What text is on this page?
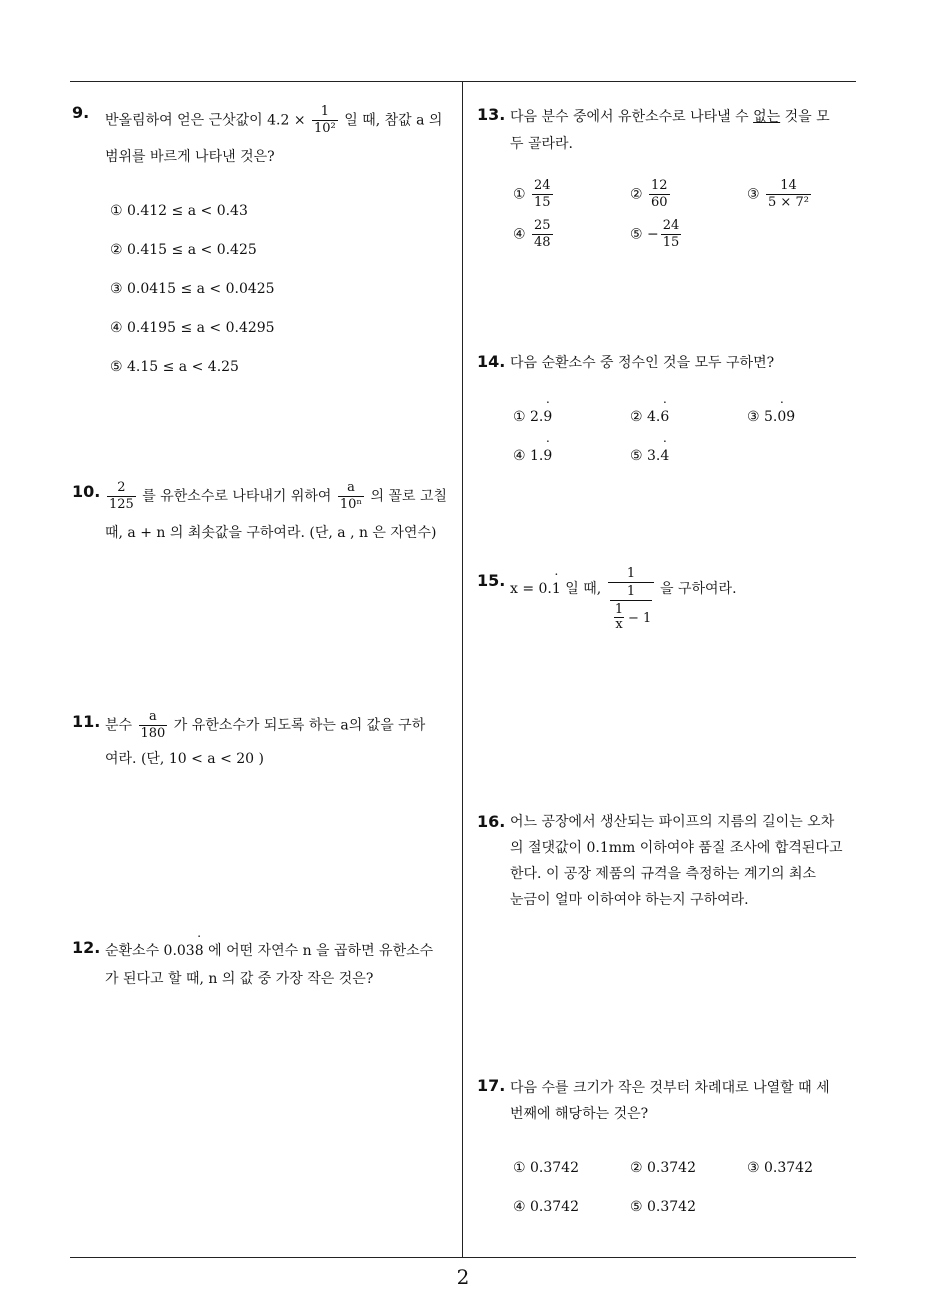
2
9. 반올림하여 얻은 근삿값이 $4.2 \times \frac{1}{\text{10²}}$ 일 때, 참값 a 의
범위를 바르게 나타낸 것은?
① 0.412 ≤ a < 0.43
② 0.415 ≤ a < 0.425
③ 0.0415 ≤ a < 0.0425
④ 0.4195 ≤ a < 0.4295
⑤ 4.15 ≤ a < 4.25
10. $\frac{2}{125}$ 를 유한소수로 나타내기 위하여 $\frac{a}{\text{10ⁿ}}$ 의 꼴로 고칠
때, a + n 의 최솟값을 구하여라. (단, a , n 은 자연수)
11. 분수 $\frac{a}{180}$ 가 유한소수가 되도록 하는 a의 값을 구하
여라. (단, 10 < a < 20 )
12. 순환소수 0.03˙ 8 에 어떤 자연수 n 을 곱하면 유한소수
가 된다고 할 때, n 의 값 중 가장 작은 것은?
13. 다음 분수 중에서 유한소수로 나타낼 수 없는 것을 모
두 골라라.
① $\frac{24}{15}$	② $\frac{12}{60}$	③ $\frac{14}{\text{5 × 7²}}$
④ $\frac{25}{48}$	⑤ − $\frac{24}{15}$
14. 다음 순환소수 중 정수인 것을 모두 구하면?
① 2.˙ 9	② 4.˙ 6	③ 5.˙ 09̇
④ 1.˙ 9	⑤ 3.˙ 4
15. x = 0.˙ 1 일 때,
1
1
$\frac{1}{x} - 1$
을 구하여라.
16. 어느 공장에서 생산되는 파이프의 지름의 길이는 오차
의 절댓값이 0.1mm 이하여야 품질 조사에 합격된다고
한다. 이 공장 제품의 규격을 측정하는 계기의 최소
눈금이 얼마 이하여야 하는지 구하여라.
17. 다음 수를 크기가 작은 것부터 차례대로 나열할 때 세
번째에 해당하는 것은?
① 0.3742	② 0.374̇2̇	③ 0.3̇742̇
④ 0.37̇42̇	⑤ 0.3742̇
